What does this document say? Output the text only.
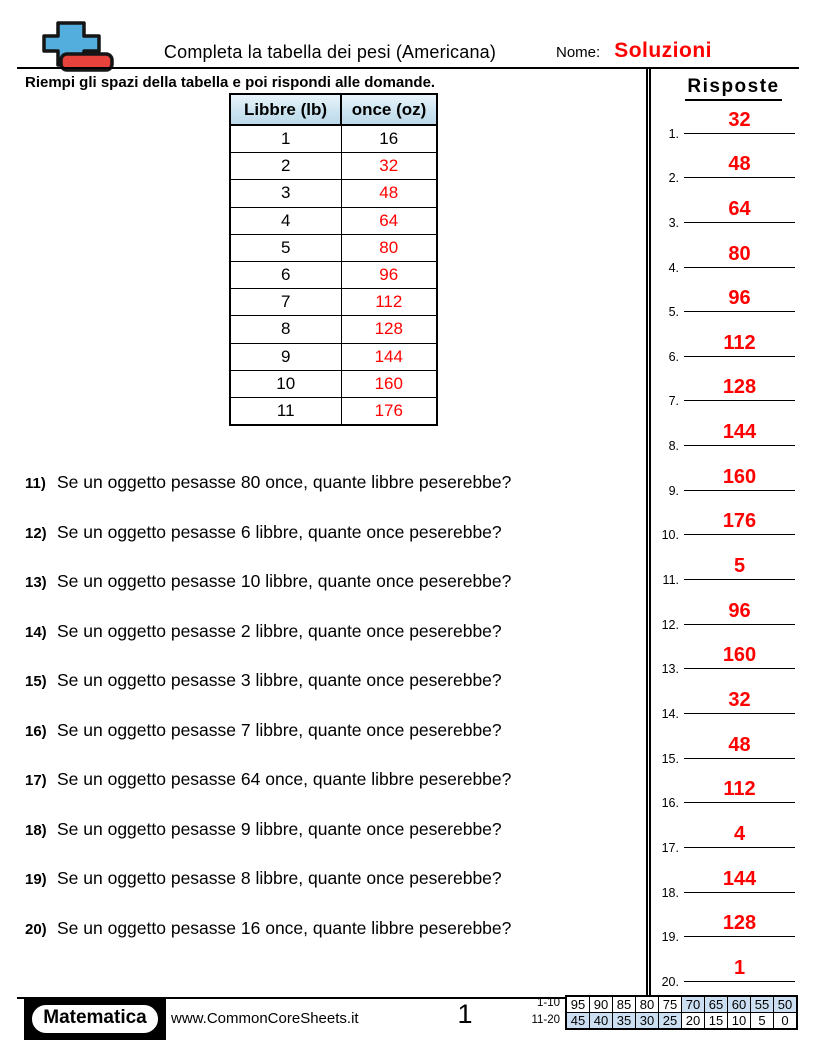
Completa la tabella dei pesi (Americana)	Nome: Soluzioni
Riempi gli spazi della tabella e poi rispondi alle domande.
Libbre (lb)	once (oz)
1	16
2	32
3	48
4	64
5	80
6	96
7	112
8	128
9	144
10	160
11	176
11) Se un oggetto pesasse 80 once, quante libbre peserebbe?
12) Se un oggetto pesasse 6 libbre, quante once peserebbe?
13) Se un oggetto pesasse 10 libbre, quante once peserebbe?
14) Se un oggetto pesasse 2 libbre, quante once peserebbe?
15) Se un oggetto pesasse 3 libbre, quante once peserebbe?
16) Se un oggetto pesasse 7 libbre, quante once peserebbe?
17) Se un oggetto pesasse 64 once, quante libbre peserebbe?
18) Se un oggetto pesasse 9 libbre, quante once peserebbe?
19) Se un oggetto pesasse 8 libbre, quante once peserebbe?
20) Se un oggetto pesasse 16 once, quante libbre peserebbe?
Risposte
1.
32
2.
48
3.
64
4.
80
5.
96
6.
112
7.
128
8.
144
9.
160
10.
176
11.
5
12.
96
13.
160
14.
32
15.
48
16.
112
17.
4
18.
144
19.
128
20.
1
Matematica	www.CommonCoreSheets.it	1	1-10
11-20
95	90	85	80	75	70	65	60	55	50
45	40	35	30	25	20	15	10	5	0
